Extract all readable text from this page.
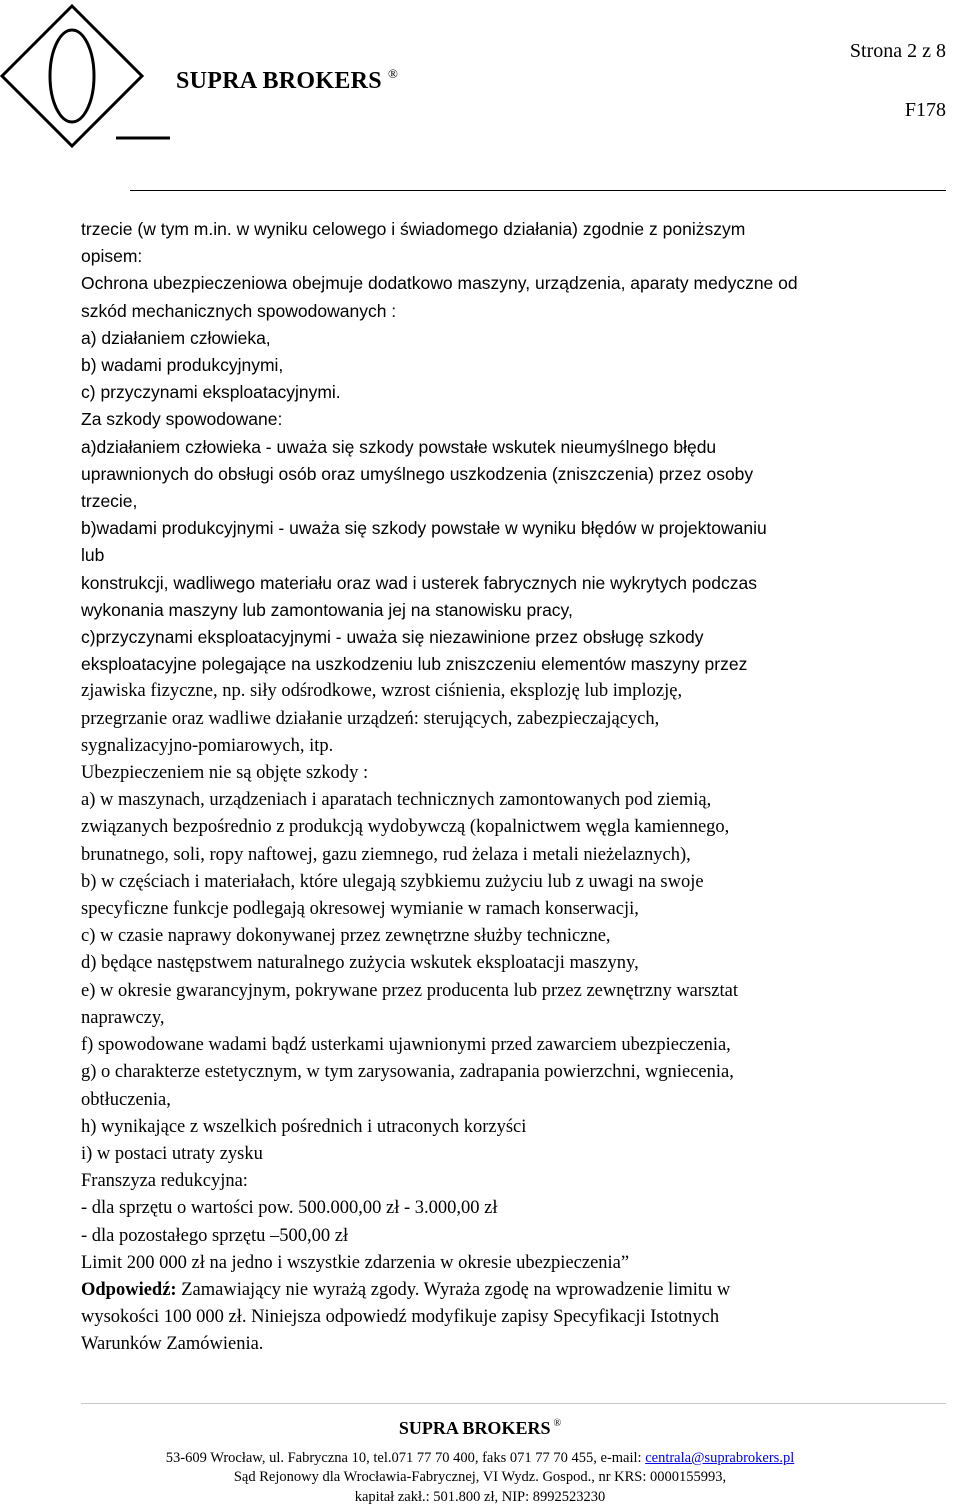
SUPRA BROKERS ®
Strona 2 z 8
F178

trzecie (w tym m.in. w wyniku celowego i świadomego działania) zgodnie z poniższym

opisem:

Ochrona ubezpieczeniowa obejmuje dodatkowo maszyny, urządzenia, aparaty medyczne od

szkód mechanicznych spowodowanych :

a) działaniem człowieka,

b) wadami produkcyjnymi,

c) przyczynami eksploatacyjnymi.

Za szkody spowodowane:

a)działaniem człowieka - uważa się szkody powstałe wskutek nieumyślnego błędu

uprawnionych do obsługi osób oraz umyślnego uszkodzenia (zniszczenia) przez osoby

trzecie,

b)wadami produkcyjnymi - uważa się szkody powstałe w wyniku błędów w projektowaniu

lub

konstrukcji, wadliwego materiału oraz wad i usterek fabrycznych nie wykrytych podczas

wykonania maszyny lub zamontowania jej na stanowisku pracy,

c)przyczynami eksploatacyjnymi - uważa się niezawinione przez obsługę szkody

eksploatacyjne polegające na uszkodzeniu lub zniszczeniu elementów maszyny przez

zjawiska fizyczne, np. siły odśrodkowe, wzrost ciśnienia, eksplozję lub implozję,

przegrzanie oraz wadliwe działanie urządzeń: sterujących, zabezpieczających,

sygnalizacyjno-pomiarowych, itp.

Ubezpieczeniem nie są objęte szkody :

a) w maszynach, urządzeniach i aparatach technicznych zamontowanych pod ziemią,

związanych bezpośrednio z produkcją wydobywczą (kopalnictwem węgla kamiennego,

brunatnego, soli, ropy naftowej, gazu ziemnego, rud żelaza i metali nieżelaznych),

b) w częściach i materiałach, które ulegają szybkiemu zużyciu lub z uwagi na swoje

specyficzne funkcje podlegają okresowej wymianie w ramach konserwacji,

c) w czasie naprawy dokonywanej przez zewnętrzne służby techniczne,

d) będące następstwem naturalnego zużycia wskutek eksploatacji maszyny,

e) w okresie gwarancyjnym, pokrywane przez producenta lub przez zewnętrzny warsztat

naprawczy,

f) spowodowane wadami bądź usterkami ujawnionymi przed zawarciem ubezpieczenia,

g) o charakterze estetycznym, w tym zarysowania, zadrapania powierzchni, wgniecenia,

obtłuczenia,

h) wynikające z wszelkich pośrednich i utraconych korzyści

i) w postaci utraty zysku

Franszyza redukcyjna:

- dla sprzętu o wartości pow. 500.000,00 zł - 3.000,00 zł

- dla pozostałego sprzętu –500,00 zł

Limit 200 000 zł na jedno i wszystkie zdarzenia w okresie ubezpieczenia”

Odpowiedź: Zamawiający nie wyrażą zgody. Wyraża zgodę na wprowadzenie limitu w
wysokości 100 000 zł. Niniejsza odpowiedź modyfikuje zapisy Specyfikacji Istotnych
Warunków Zamówienia.

SUPRA BROKERS ®
53-609 Wrocław, ul. Fabryczna 10, tel.071 77 70 400, faks 071 77 70 455, e-mail: centrala@suprabrokers.pl
Sąd Rejonowy dla Wrocławia-Fabrycznej, VI Wydz. Gospod., nr KRS: 0000155993,
kapitał zakł.: 501.800 zł, NIP: 8992523230
